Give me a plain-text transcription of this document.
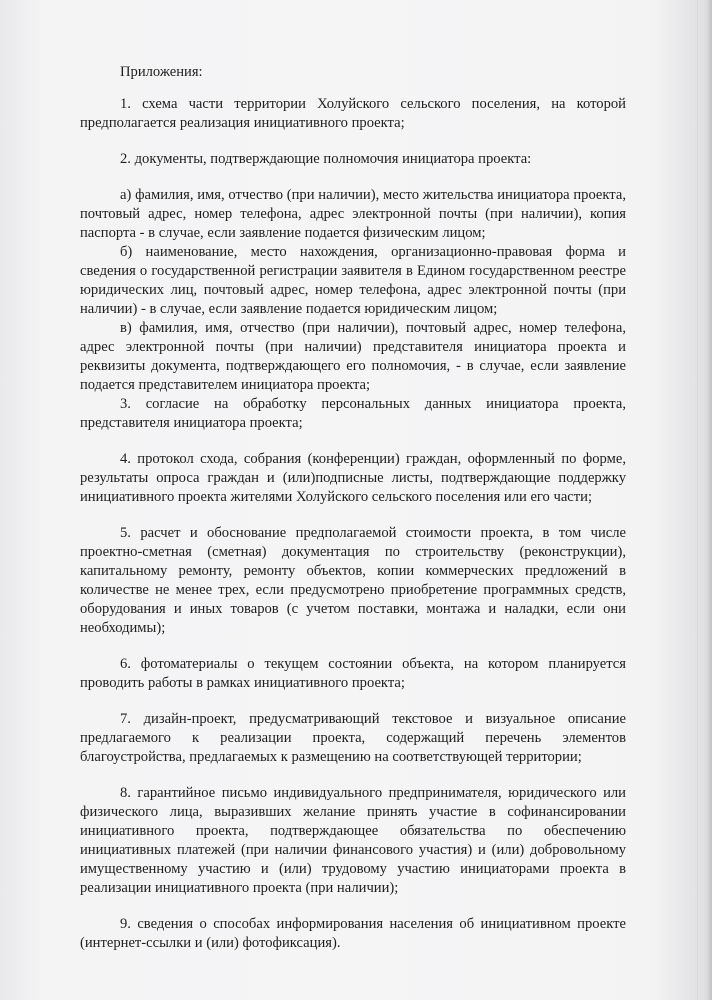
Приложения:

1. схема части территории Холуйского сельского поселения, на которой предполагается реализация инициативного проекта;

2. документы, подтверждающие полномочия инициатора проекта:

а) фамилия, имя, отчество (при наличии), место жительства инициатора проекта, почтовый адрес, номер телефона, адрес электронной почты (при наличии), копия паспорта - в случае, если заявление подается физическим лицом;

б) наименование, место нахождения, организационно-правовая форма и сведения о государственной регистрации заявителя в Едином государственном реестре юридических лиц, почтовый адрес, номер телефона, адрес электронной почты (при наличии) - в случае, если заявление подается юридическим лицом;

в) фамилия, имя, отчество (при наличии), почтовый адрес, номер телефона, адрес электронной почты (при наличии) представителя инициатора проекта и реквизиты документа, подтверждающего его полномочия, - в случае, если заявление подается представителем инициатора проекта;

3. согласие на обработку персональных данных инициатора проекта, представителя инициатора проекта;

4. протокол схода, собрания (конференции) граждан, оформленный по форме, результаты опроса граждан и (или)подписные листы, подтверждающие поддержку инициативного проекта жителями Холуйского сельского поселения или его части;

5. расчет и обоснование предполагаемой стоимости проекта, в том числе проектно-сметная (сметная) документация по строительству (реконструкции), капитальному ремонту, ремонту объектов, копии коммерческих предложений в количестве не менее трех, если предусмотрено приобретение программных средств, оборудования и иных товаров (с учетом поставки, монтажа и наладки, если они необходимы);

6. фотоматериалы о текущем состоянии объекта, на котором планируется проводить работы в рамках инициативного проекта;

7. дизайн-проект, предусматривающий текстовое и визуальное описание предлагаемого к реализации проекта, содержащий перечень элементов благоустройства, предлагаемых к размещению на соответствующей территории;

8. гарантийное письмо индивидуального предпринимателя, юридического или физического лица, выразивших желание принять участие в софинансировании инициативного проекта, подтверждающее обязательства по обеспечению инициативных платежей (при наличии финансового участия) и (или) добровольному имущественному участию и (или) трудовому участию инициаторами проекта в реализации инициативного проекта (при наличии);

9. сведения о способах информирования населения об инициативном проекте (интернет-ссылки и (или) фотофиксация).
